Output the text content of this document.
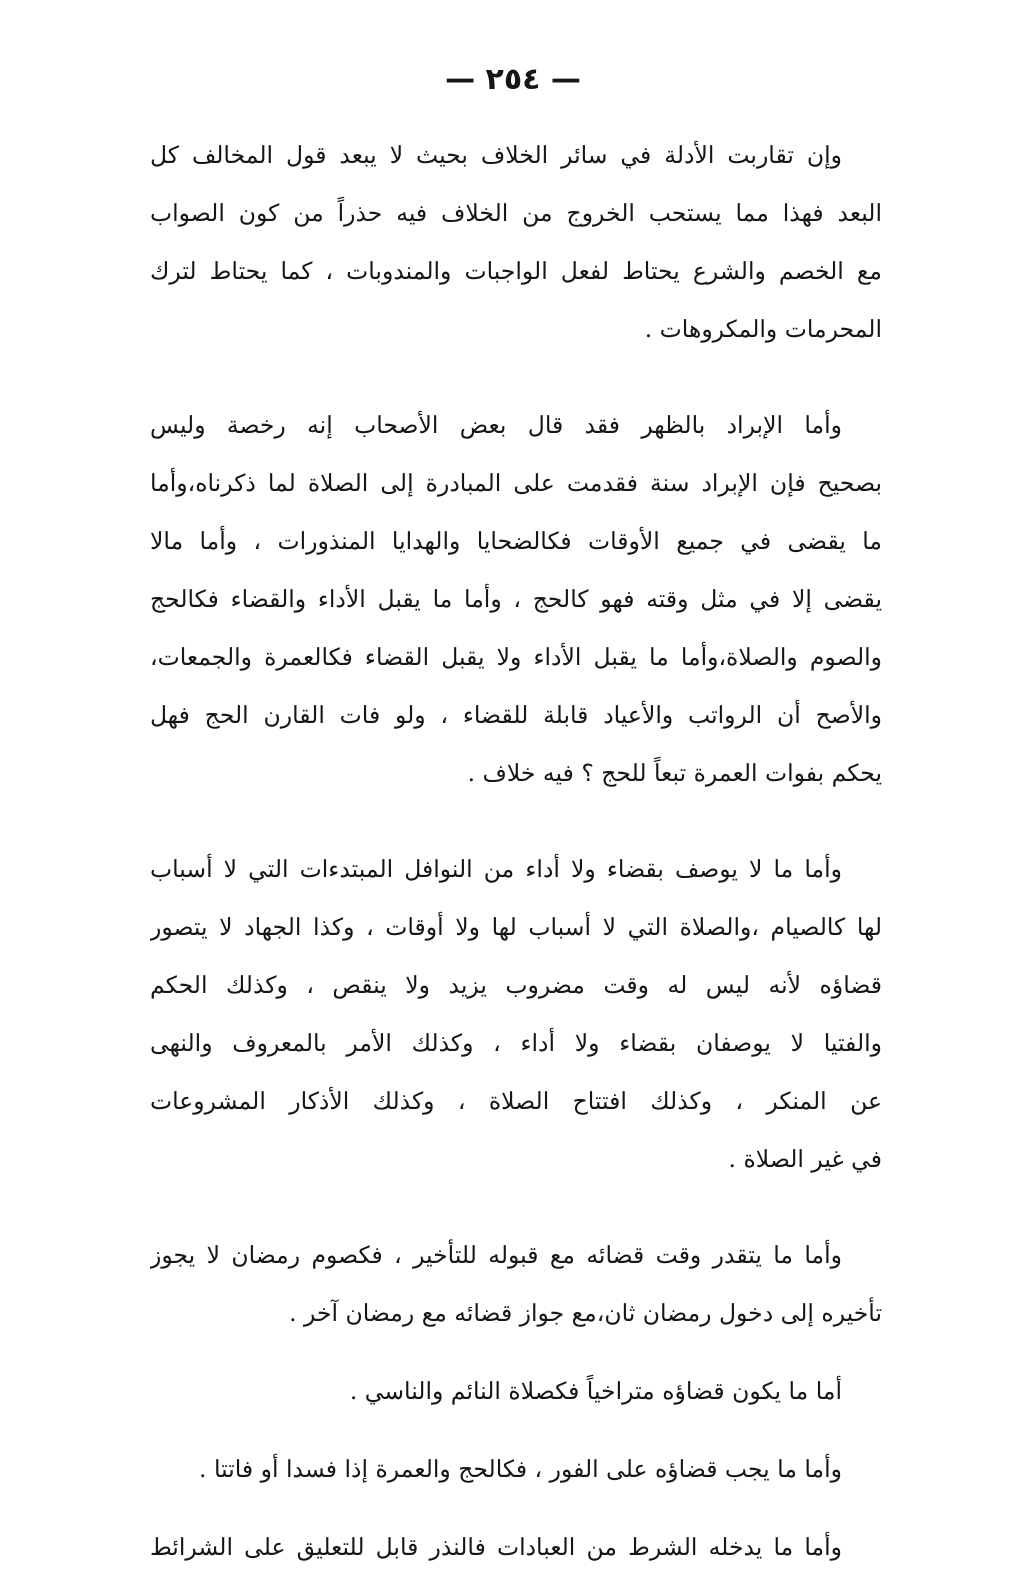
— ٢٥٤ —
وإن تقاربت الأدلة في سائر الخلاف بحيث لا يبعد قول المخالف كل
البعد فهذا مما يستحب الخروج من الخلاف فيه حذراً من كون الصواب
مع الخصم والشرع يحتاط لفعل الواجبات والمندوبات ، كما يحتاط لترك
المحرمات والمكروهات .
وأما الإبراد بالظهر فقد قال بعض الأصحاب إنه رخصة وليس
بصحيح فإن الإبراد سنة فقدمت على المبادرة إلى الصلاة لما ذكرناه،وأما
ما يقضى في جميع الأوقات فكالضحايا والهدايا المنذورات ، وأما مالا
يقضى إلا في مثل وقته فهو كالحج ، وأما ما يقبل الأداء والقضاء فكالحج
والصوم والصلاة،وأما ما يقبل الأداء ولا يقبل القضاء فكالعمرة والجمعات،
والأصح أن الرواتب والأعياد قابلة للقضاء ، ولو فات القارن الحج فهل
يحكم بفوات العمرة تبعاً للحج ؟ فيه خلاف .
وأما ما لا يوصف بقضاء ولا أداء من النوافل المبتدءات التي لا أسباب
لها كالصيام ،والصلاة التي لا أسباب لها ولا أوقات ، وكذا الجهاد لا يتصور
قضاؤه لأنه ليس له وقت مضروب يزيد ولا ينقص ، وكذلك الحكم
والفتيا لا يوصفان بقضاء ولا أداء ، وكذلك الأمر بالمعروف والنهى
عن المنكر ، وكذلك افتتاح الصلاة ، وكذلك الأذكار المشروعات
في غير الصلاة .
وأما ما يتقدر وقت قضائه مع قبوله للتأخير ، فكصوم رمضان لا يجوز
تأخيره إلى دخول رمضان ثان،مع جواز قضائه مع رمضان آخر .
أما ما يكون قضاؤه متراخياً فكصلاة النائم والناسي .
وأما ما يجب قضاؤه على الفور ، فكالحج والعمرة إذا فسدا أو فاتتا .
وأما ما يدخله الشرط من العبادات فالنذر قابل للتعليق على الشرائط
